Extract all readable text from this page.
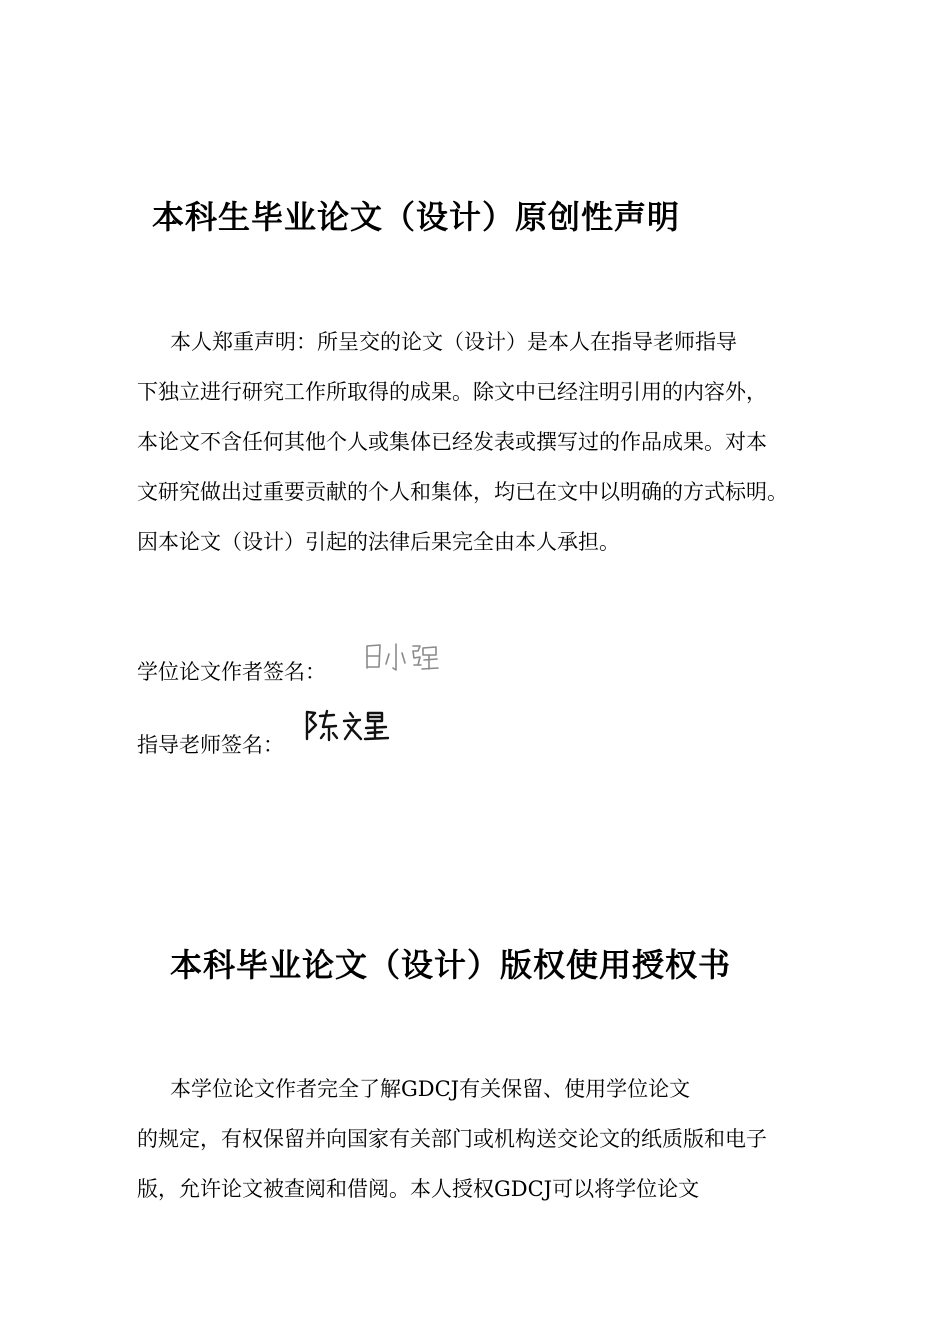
本科生毕业论文（设计）原创性声明
本人郑重声明：所呈交的论文（设计）是本人在指导老师指导
下独立进行研究工作所取得的成果。除文中已经注明引用的内容外，
本论文不含任何其他个人或集体已经发表或撰写过的作品成果。对本
文研究做出过重要贡献的个人和集体，均已在文中以明确的方式标明。
因本论文（设计）引起的法律后果完全由本人承担。
学位论文作者签名：
指导老师签名：
本科毕业论文（设计）版权使用授权书
本学位论文作者完全了解GDCJ有关保留、使用学位论文
的规定，有权保留并向国家有关部门或机构送交论文的纸质版和电子
版，允许论文被查阅和借阅。本人授权GDCJ可以将学位论文
